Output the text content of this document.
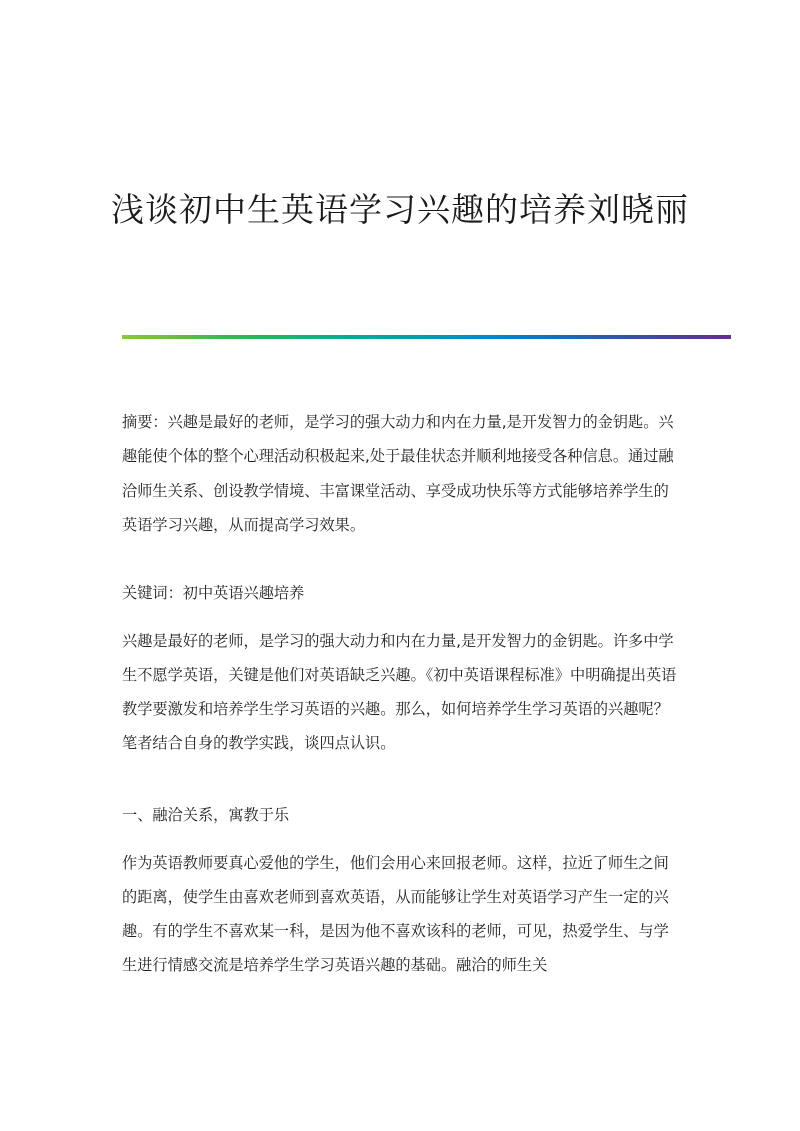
浅谈初中生英语学习兴趣的培养刘晓丽

摘要：兴趣是最好的老师，是学习的强大动力和内在力量,是开发智力的金钥匙。兴趣能使个体的整个心理活动积极起来,处于最佳状态并顺利地接受各种信息。通过融洽师生关系、创设教学情境、丰富课堂活动、享受成功快乐等方式能够培养学生的英语学习兴趣，从而提高学习效果。

关键词：初中英语兴趣培养

兴趣是最好的老师，是学习的强大动力和内在力量,是开发智力的金钥匙。许多中学生不愿学英语，关键是他们对英语缺乏兴趣。《初中英语课程标准》中明确提出英语教学要激发和培养学生学习英语的兴趣。那么，如何培养学生学习英语的兴趣呢？笔者结合自身的教学实践，谈四点认识。

一、融洽关系，寓教于乐

作为英语教师要真心爱他的学生，他们会用心来回报老师。这样，拉近了师生之间的距离，使学生由喜欢老师到喜欢英语，从而能够让学生对英语学习产生一定的兴趣。有的学生不喜欢某一科，是因为他不喜欢该科的老师，可见，热爱学生、与学生进行情感交流是培养学生学习英语兴趣的基础。融洽的师生关
